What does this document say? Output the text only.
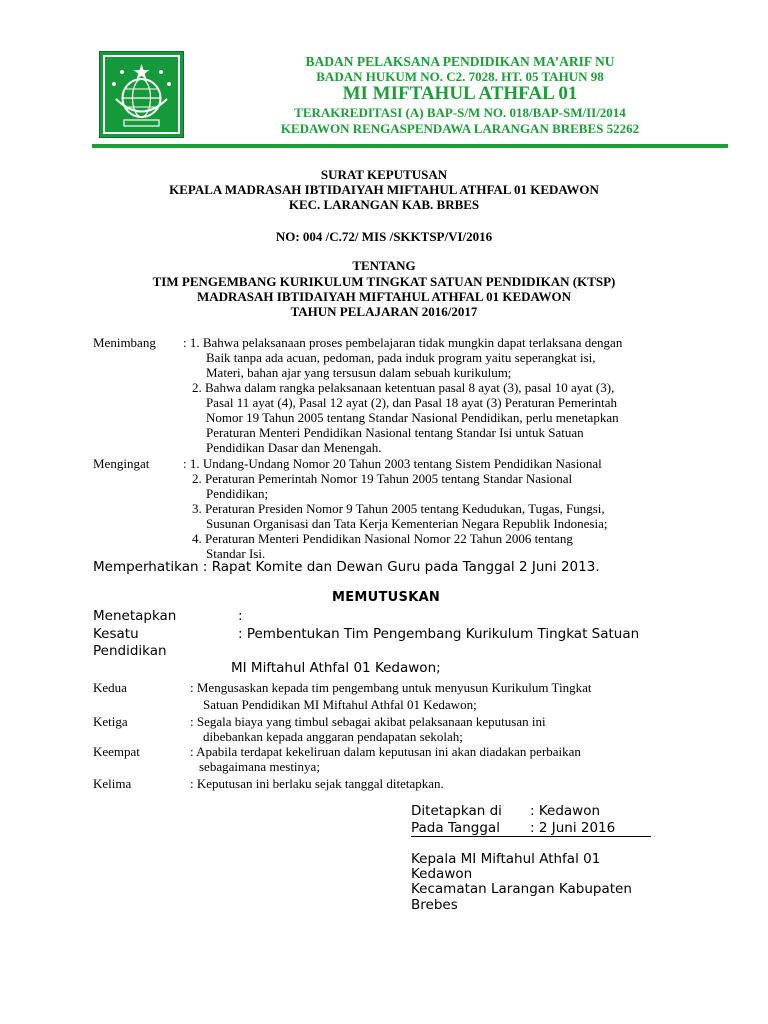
BADAN PELAKSANA PENDIDIKAN MA’ARIF NU
BADAN HUKUM NO. C2. 7028. HT. 05 TAHUN 98
MI MIFTAHUL ATHFAL 01
TERAKREDITASI (A) BAP-S/M NO. 018/BAP-SM/II/2014
KEDAWON RENGASPENDAWA LARANGAN BREBES 52262
SURAT KEPUTUSAN
KEPALA MADRASAH IBTIDAIYAH MIFTAHUL ATHFAL 01 KEDAWON
KEC. LARANGAN KAB. BRBES
NO: 004 /C.72/ MIS /SKKTSP/VI/2016
TENTANG
TIM PENGEMBANG KURIKULUM TINGKAT SATUAN PENDIDIKAN (KTSP)
MADRASAH IBTIDAIYAH MIFTAHUL ATHFAL 01 KEDAWON
TAHUN PELAJARAN 2016/2017
Menimbang : 1. Bahwa pelaksanaan proses pembelajaran tidak mungkin dapat terlaksana dengan
Baik tanpa ada acuan, pedoman, pada induk program yaitu seperangkat isi,
Materi, bahan ajar yang tersusun dalam sebuah kurikulum;
2. Bahwa dalam rangka pelaksanaan ketentuan pasal 8 ayat (3), pasal 10 ayat (3),
Pasal 11 ayat (4), Pasal 12 ayat (2), dan Pasal 18 ayat (3) Peraturan Pemerintah
Nomor 19 Tahun 2005 tentang Standar Nasional Pendidikan, perlu menetapkan
Peraturan Menteri Pendidikan Nasional tentang Standar Isi untuk Satuan
Pendidikan Dasar dan Menengah.
Mengingat	: 1. Undang-Undang Nomor 20 Tahun 2003 tentang Sistem Pendidikan Nasional
2. Peraturan Pemerintah Nomor 19 Tahun 2005 tentang Standar Nasional
Pendidikan;
3. Peraturan Presiden Nomor 9 Tahun 2005 tentang Kedudukan, Tugas, Fungsi,
Susunan Organisasi dan Tata Kerja Kementerian Negara Republik Indonesia;
4. Peraturan Menteri Pendidikan Nasional Nomor 22 Tahun 2006 tentang
Standar Isi.
Memperhatikan : Rapat Komite dan Dewan Guru pada Tanggal 2 Juni 2013.
MEMUTUSKAN
Menetapkan	:
Kesatu	: Pembentukan Tim Pengembang Kurikulum Tingkat Satuan
Pendidikan
MI Miftahul Athfal 01 Kedawon;
Kedua	: Mengusaskan kepada tim pengembang untuk menyusun Kurikulum Tingkat
Satuan Pendidikan MI Miftahul Athfal 01 Kedawon;
Ketiga	: Segala biaya yang timbul sebagai akibat pelaksanaan keputusan ini
dibebankan kepada anggaran pendapatan sekolah;
Keempat	: Apabila terdapat kekeliruan dalam keputusan ini akan diadakan perbaikan
sebagaimana mestinya;
Kelima	: Keputusan ini berlaku sejak tanggal ditetapkan.
Ditetapkan di : Kedawon
Pada Tanggal : 2 Juni 2016
Kepala MI Miftahul Athfal 01
Kedawon
Kecamatan Larangan Kabupaten
Brebes
